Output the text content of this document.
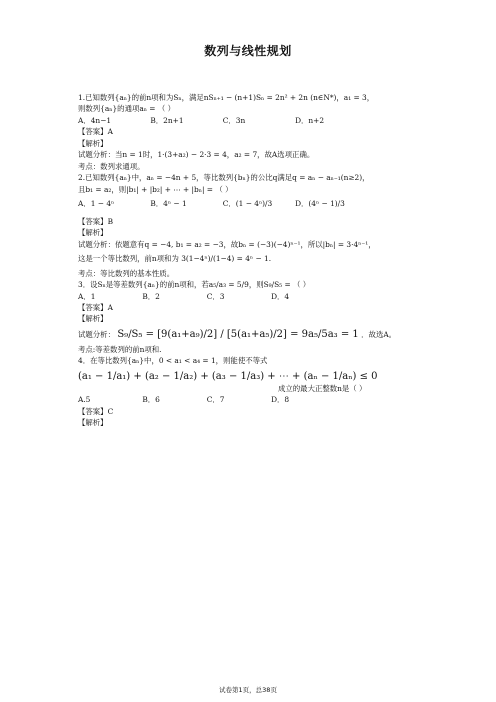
数列与线性规划

1.已知数列{aₙ}的前n项和为Sₙ，满足nSₙ₊₁ − (n+1)Sₙ = 2n² + 2n (n∈N*)，a₁ = 3，

则数列{aₙ}的通项aₙ = （ ）

A．4n−1	B．2n+1	C．3n	D．n+2

【答案】A

【解析】

试题分析：当n = 1时，1·(3+a₂) − 2·3 = 4，a₂ = 7，故A选项正确。

考点：数列求通项。

2.已知数列{aₙ}中，aₙ = −4n + 5，等比数列{bₙ}的公比q满足q = aₙ − aₙ₋₁(n≥2)，

且b₁ = a₂，则|b₁| + |b₂| + ⋯ + |bₙ| = （ ）

A．1 − 4ⁿ	B．4ⁿ − 1	C．(1 − 4ⁿ)/3	D．(4ⁿ − 1)/3

【答案】B

【解析】

试题分析：依题意有q = −4, b₁ = a₂ = −3，故bₙ = (−3)(−4)ⁿ⁻¹，所以|bₙ| = 3·4ⁿ⁻¹，

这是一个等比数列，前n项和为 3(1−4ⁿ)/(1−4) = 4ⁿ − 1.

考点：等比数列的基本性质。

3．设Sₙ是等差数列{aₙ}的前n项和，若a₅/a₃ = 5/9，则S₉/S₅ = （ ）

A．1	B．2	C．3	D．4

【答案】A

【解析】

试题分析： S₉/S₅ = [9(a₁+a₉)/2] / [5(a₁+a₅)/2] = 9a₅/5a₃ = 1 ．故选A。

考点:等差数列的前n项和.

4．在等比数列{aₙ}中，0 < a₁ < a₄ = 1，则能使不等式

(a₁ − 1/a₁) + (a₂ − 1/a₂) + (a₃ − 1/a₃) + ⋯ + (aₙ − 1/aₙ) ≤ 0

成立的最大正整数n是（ ）

A.5	B．6	C．7	D．8

【答案】C

【解析】

试卷第1页，总38页
